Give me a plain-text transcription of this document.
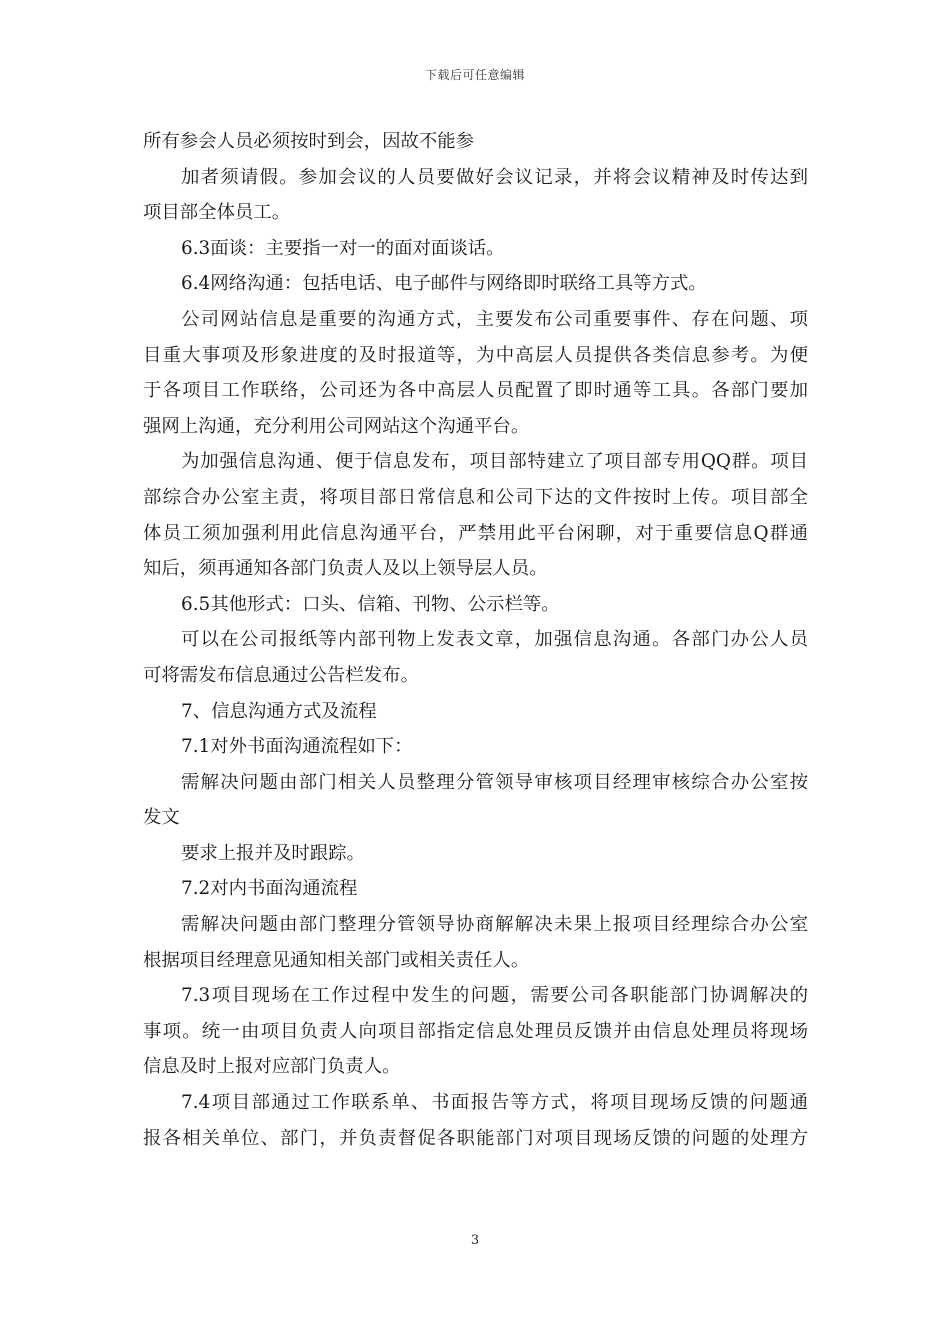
下载后可任意编辑
所有参会人员必须按时到会，因故不能参
加者须请假。参加会议的人员要做好会议记录，并将会议精神及时传达到
项目部全体员工。
6.3面谈：主要指一对一的面对面谈话。
6.4网络沟通：包括电话、电子邮件与网络即时联络工具等方式。
公司网站信息是重要的沟通方式，主要发布公司重要事件、存在问题、项
目重大事项及形象进度的及时报道等，为中高层人员提供各类信息参考。为便
于各项目工作联络，公司还为各中高层人员配置了即时通等工具。各部门要加
强网上沟通，充分利用公司网站这个沟通平台。
为加强信息沟通、便于信息发布，项目部特建立了项目部专用QQ群。项目
部综合办公室主责，将项目部日常信息和公司下达的文件按时上传。项目部全
体员工须加强利用此信息沟通平台，严禁用此平台闲聊，对于重要信息Q群通
知后，须再通知各部门负责人及以上领导层人员。
6.5其他形式：口头、信箱、刊物、公示栏等。
可以在公司报纸等内部刊物上发表文章，加强信息沟通。各部门办公人员
可将需发布信息通过公告栏发布。
7、信息沟通方式及流程
7.1对外书面沟通流程如下：
需解决问题由部门相关人员整理分管领导审核项目经理审核综合办公室按
发文
要求上报并及时跟踪。
7.2对内书面沟通流程
需解决问题由部门整理分管领导协商解解决未果上报项目经理综合办公室
根据项目经理意见通知相关部门或相关责任人。
7.3项目现场在工作过程中发生的问题，需要公司各职能部门协调解决的
事项。统一由项目负责人向项目部指定信息处理员反馈并由信息处理员将现场
信息及时上报对应部门负责人。
7.4项目部通过工作联系单、书面报告等方式，将项目现场反馈的问题通
报各相关单位、部门，并负责督促各职能部门对项目现场反馈的问题的处理方
3
